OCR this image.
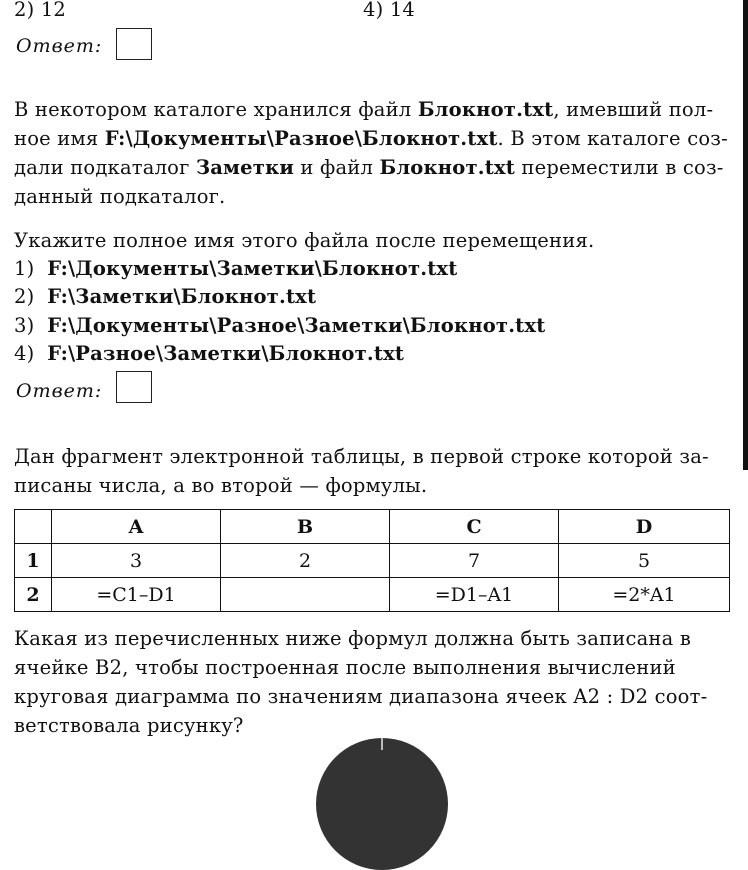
2) 12	4) 14
Ответ:
В некотором каталоге хранился файл Блокнот.txt, имевший пол-
ное имя F:\Документы\Разное\Блокнот.txt. В этом каталоге соз-
дали подкаталог Заметки и файл Блокнот.txt переместили в соз-
данный подкаталог.
Укажите полное имя этого файла после перемещения.
1) F:\Документы\Заметки\Блокнот.txt
2) F:\Заметки\Блокнот.txt
3) F:\Документы\Разное\Заметки\Блокнот.txt
4) F:\Разное\Заметки\Блокнот.txt
Ответ:
Дан фрагмент электронной таблицы, в первой строке которой за-
писаны числа, а во второй — формулы.
	A	B	C	D
1	3	2	7	5
2	=C1–D1		=D1–A1	=2*A1
Какая из перечисленных ниже формул должна быть записана в
ячейке B2, чтобы построенная после выполнения вычислений
круговая диаграмма по значениям диапазона ячеек A2 : D2 соот-
ветствовала рисунку?
